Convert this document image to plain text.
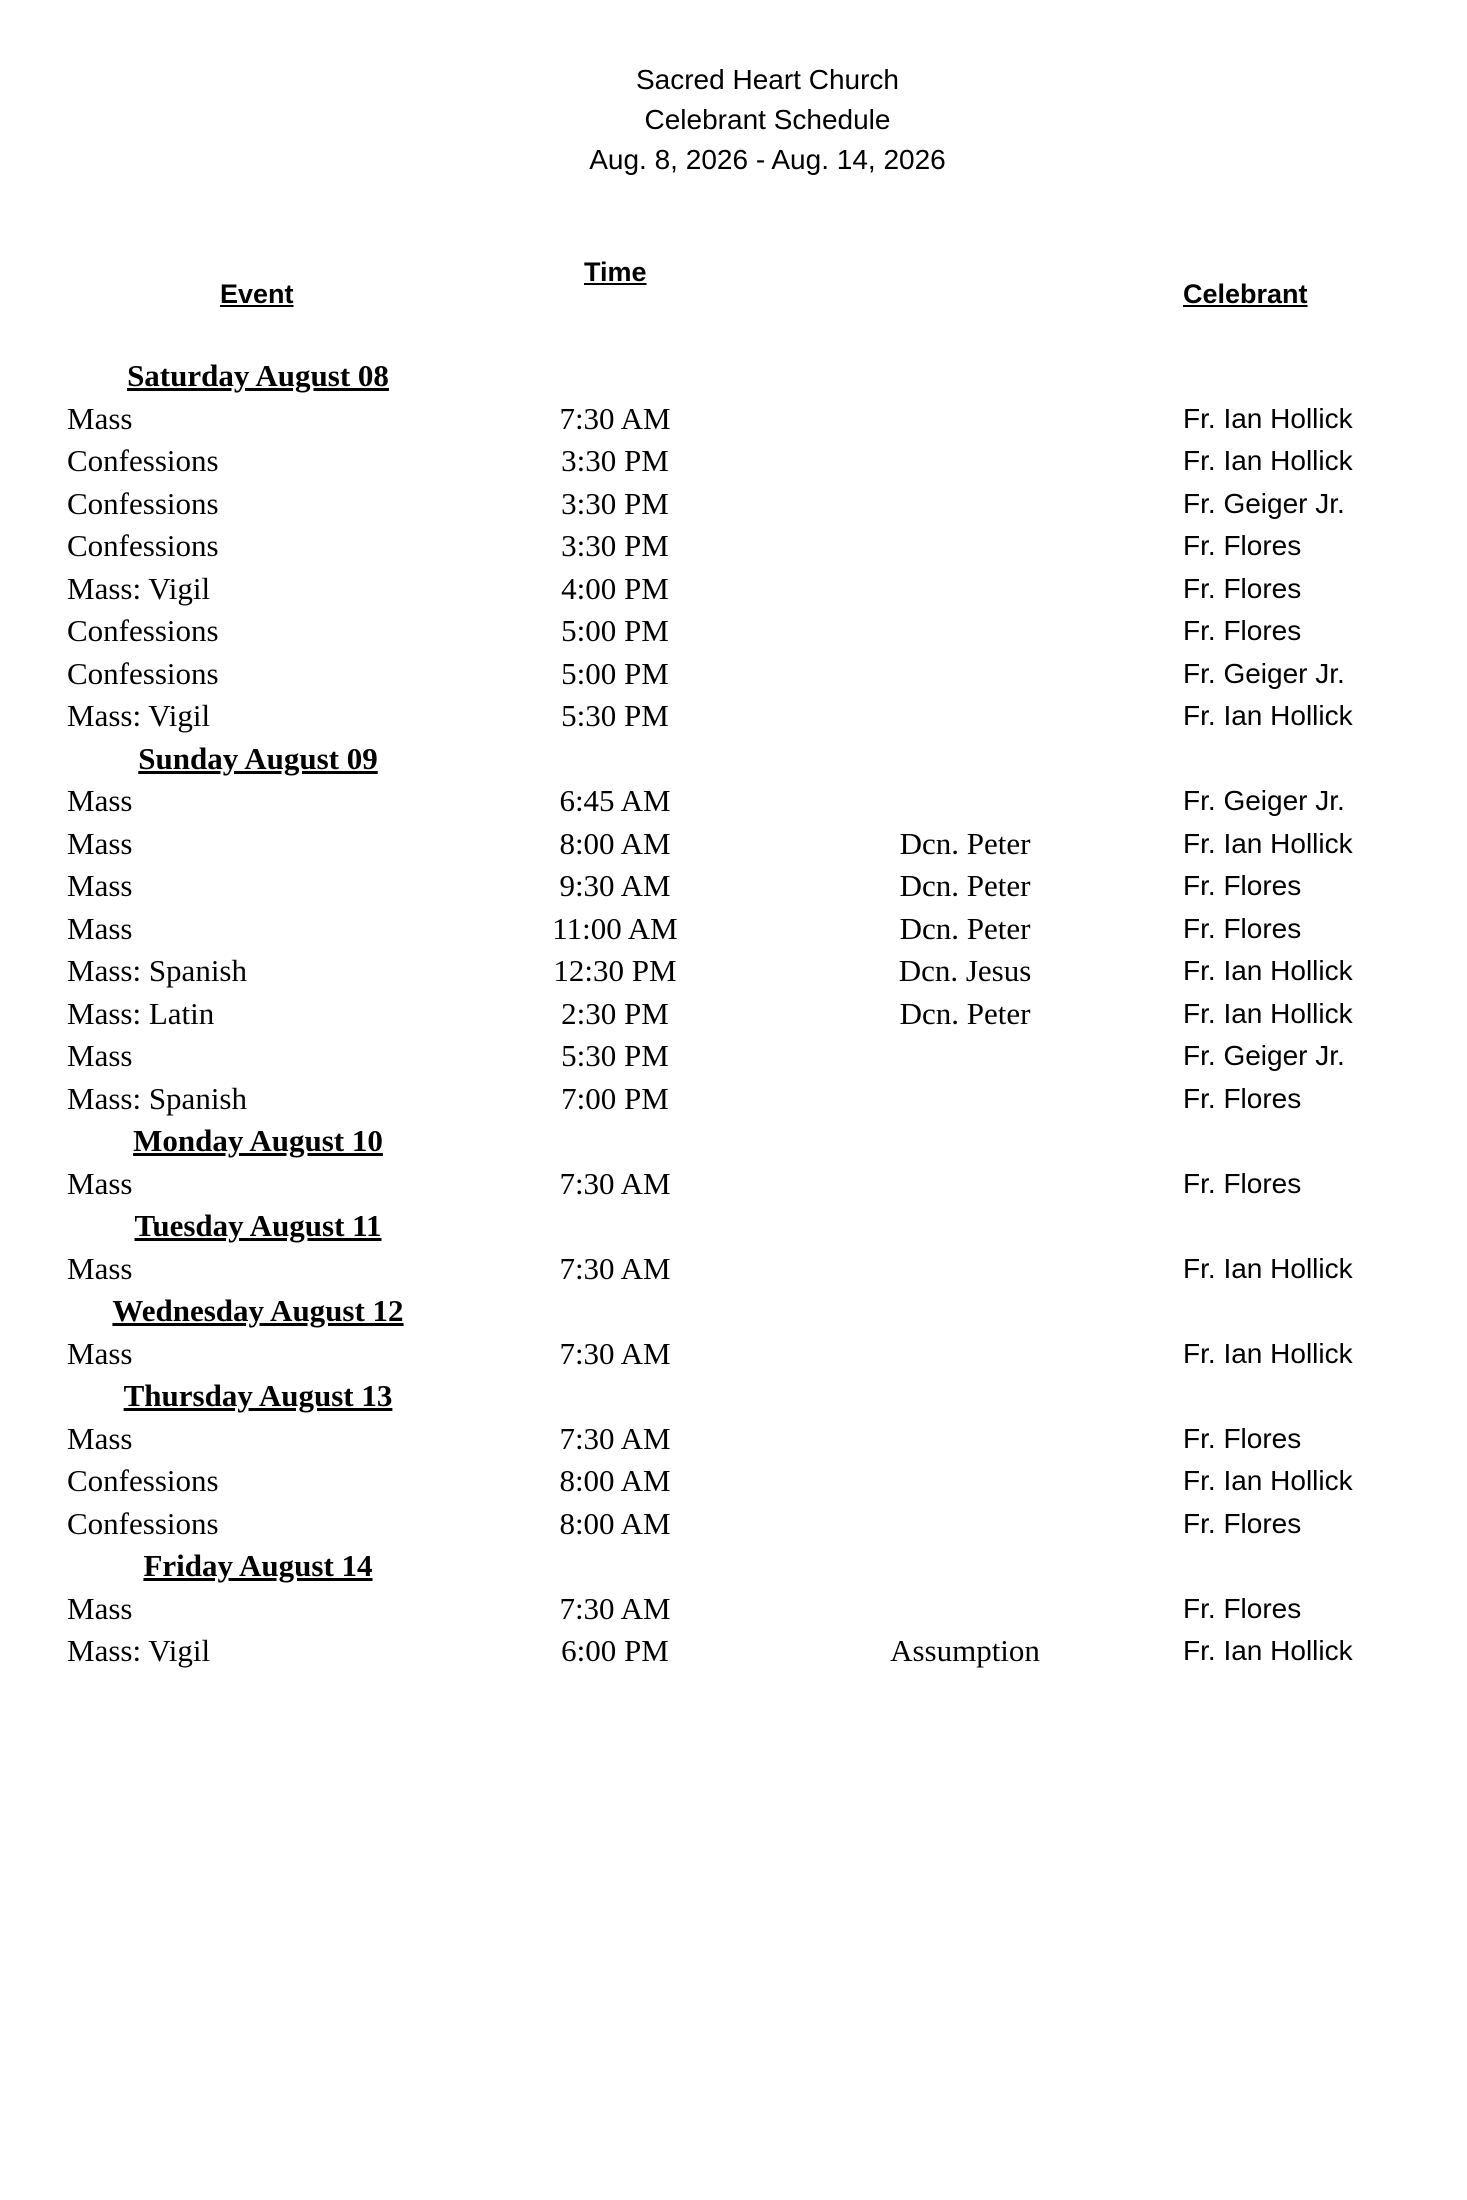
Sacred Heart Church
Celebrant Schedule
Aug. 8, 2026 - Aug. 14, 2026
Event
Time
Celebrant
Saturday August 08
Mass	7:30 AM	Fr. Ian Hollick
Confessions	3:30 PM	Fr. Ian Hollick
Confessions	3:30 PM	Fr. Geiger Jr.
Confessions	3:30 PM	Fr. Flores
Mass: Vigil	4:00 PM	Fr. Flores
Confessions	5:00 PM	Fr. Flores
Confessions	5:00 PM	Fr. Geiger Jr.
Mass: Vigil	5:30 PM	Fr. Ian Hollick
Sunday August 09
Mass	6:45 AM	Fr. Geiger Jr.
Mass	8:00 AM	Dcn. Peter	Fr. Ian Hollick
Mass	9:30 AM	Dcn. Peter	Fr. Flores
Mass	11:00 AM	Dcn. Peter	Fr. Flores
Mass: Spanish	12:30 PM	Dcn. Jesus	Fr. Ian Hollick
Mass: Latin	2:30 PM	Dcn. Peter	Fr. Ian Hollick
Mass	5:30 PM	Fr. Geiger Jr.
Mass: Spanish	7:00 PM	Fr. Flores
Monday August 10
Mass	7:30 AM	Fr. Flores
Tuesday August 11
Mass	7:30 AM	Fr. Ian Hollick
Wednesday August 12
Mass	7:30 AM	Fr. Ian Hollick
Thursday August 13
Mass	7:30 AM	Fr. Flores
Confessions	8:00 AM	Fr. Ian Hollick
Confessions	8:00 AM	Fr. Flores
Friday August 14
Mass	7:30 AM	Fr. Flores
Mass: Vigil	6:00 PM	Assumption	Fr. Ian Hollick
